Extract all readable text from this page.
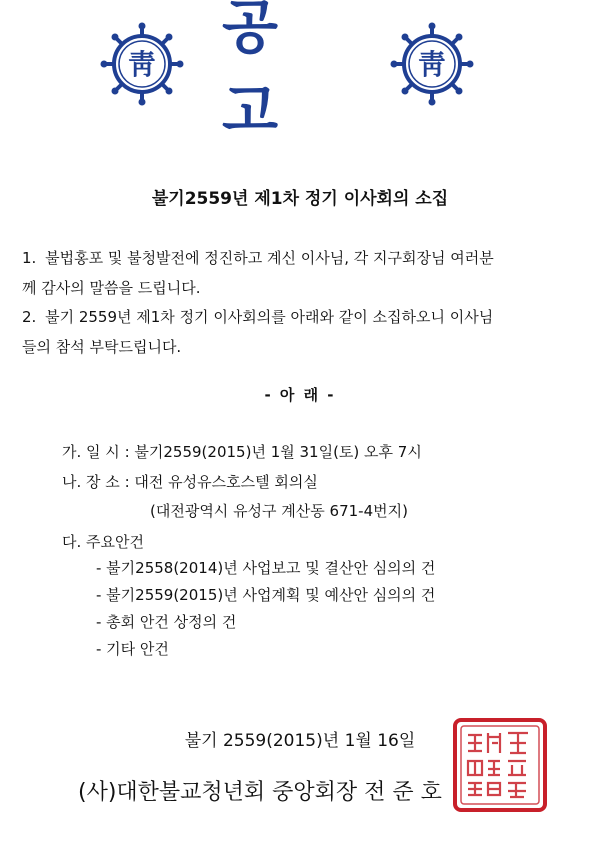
靑
공 고
靑
불기2559년 제1차 정기 이사회의 소집

1. 불법홍포 및 불청발전에 정진하고 계신 이사님, 각 지구회장님 여러분

께 감사의 말씀을 드립니다.

2. 불기 2559년 제1차 정기 이사회의를 아래와 같이 소집하오니 이사님

들의 참석 부탁드립니다.

- 아 래 -
가. 일 시 : 불기2559(2015)년 1월 31일(토) 오후 7시
나. 장 소 : 대전 유성유스호스텔 회의실
(대전광역시 유성구 계산동 671-4번지)
다. 주요안건
- 불기2558(2014)년 사업보고 및 결산안 심의의 건
- 불기2559(2015)년 사업계획 및 예산안 심의의 건
- 총회 안건 상정의 건
- 기타 안건
불기 2559(2015)년 1월 16일
(사)대한불교청년회 중앙회장 전 준 호
